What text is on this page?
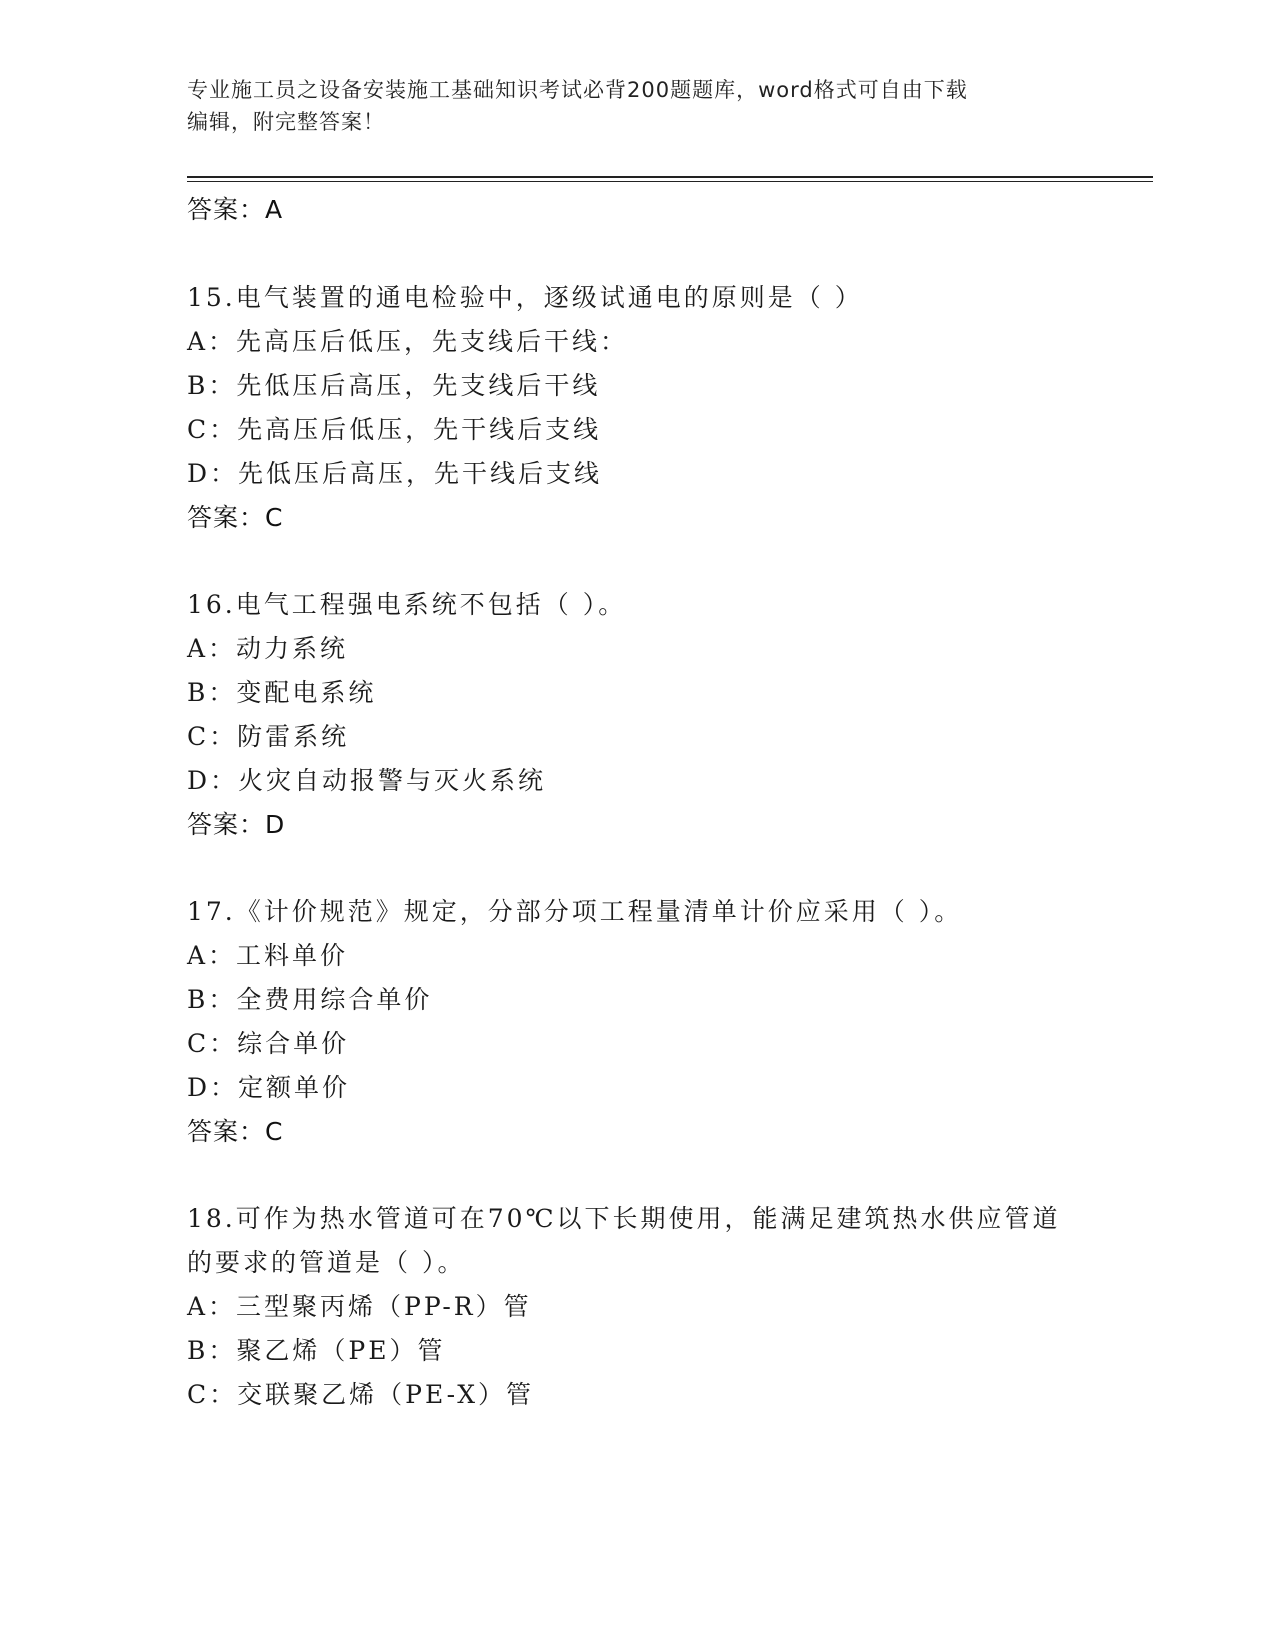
专业施工员之设备安装施工基础知识考试必背200题题库，word格式可自由下载
编辑，附完整答案！
答案：A
15.电气装置的通电检验中，逐级试通电的原则是（ ）
A：先高压后低压，先支线后干线：
B：先低压后高压，先支线后干线
C：先高压后低压，先干线后支线
D：先低压后高压，先干线后支线
答案：C
16.电气工程强电系统不包括（ ）。
A：动力系统
B：变配电系统
C：防雷系统
D：火灾自动报警与灭火系统
答案：D
17.《计价规范》规定，分部分项工程量清单计价应采用（ ）。
A：工料单价
B：全费用综合单价
C：综合单价
D：定额单价
答案：C
18.可作为热水管道可在70℃以下长期使用，能满足建筑热水供应管道
的要求的管道是（ ）。
A：三型聚丙烯（PP-R）管
B：聚乙烯（PE）管
C：交联聚乙烯（PE-X）管
